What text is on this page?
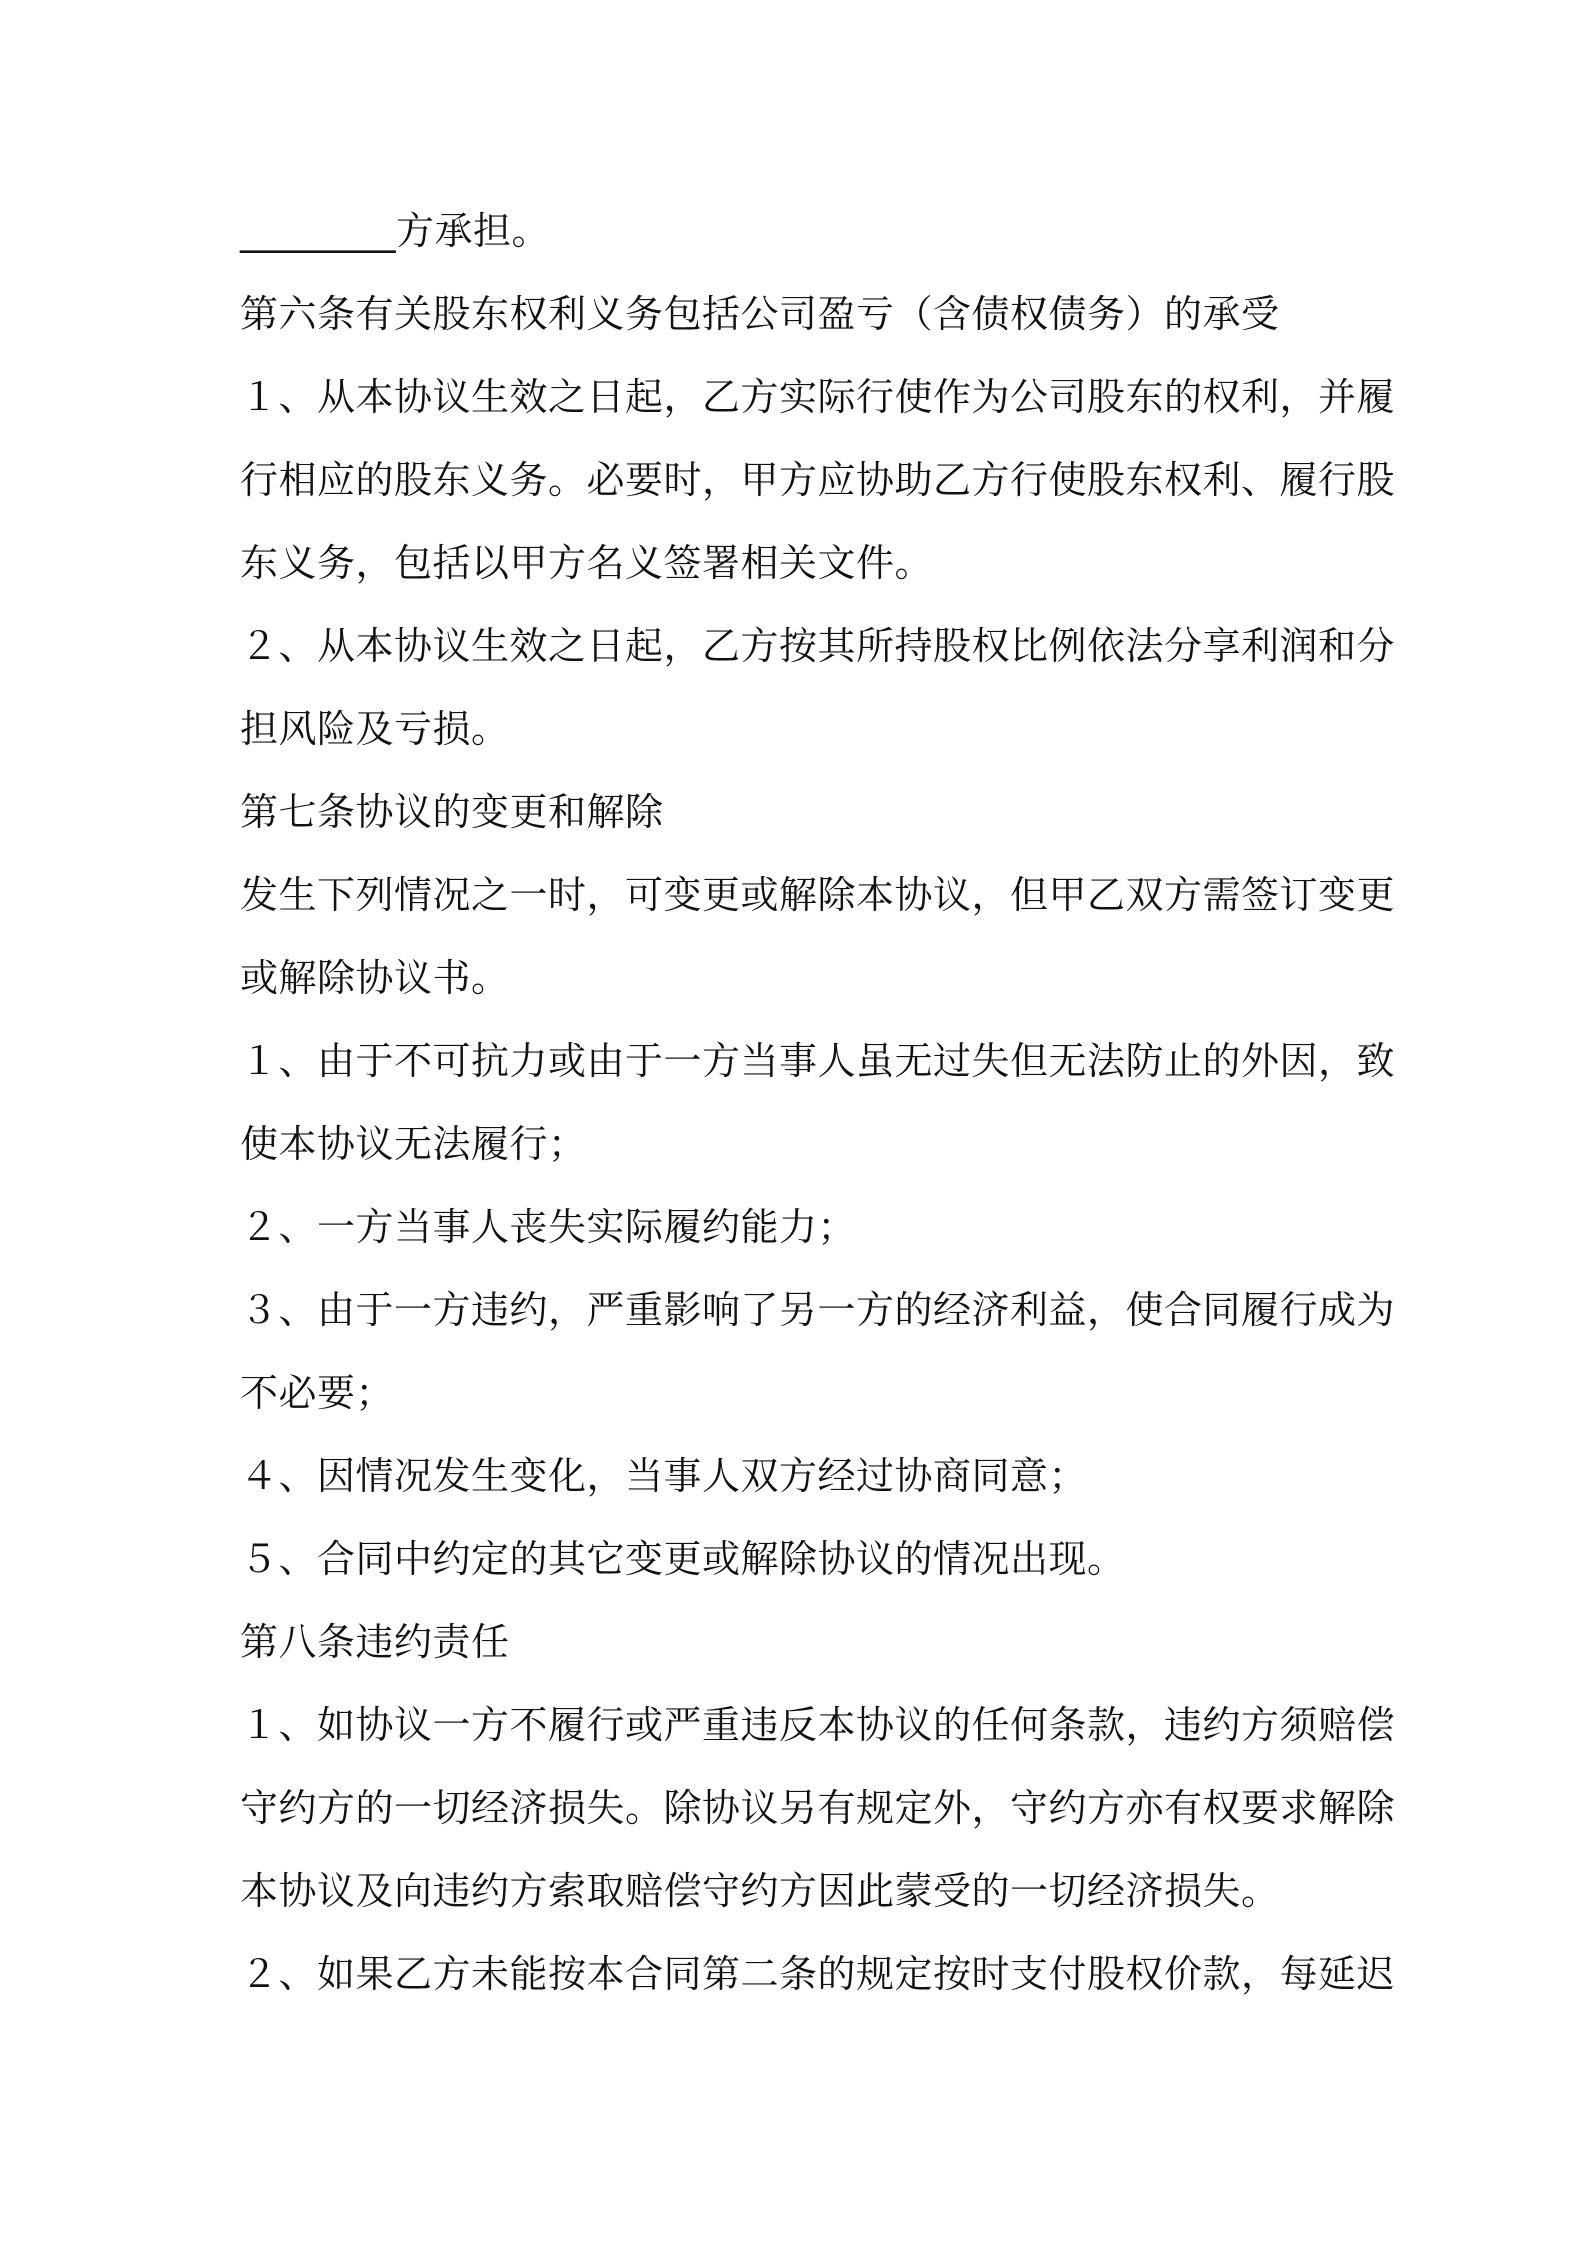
________方承担。

第六条有关股东权利义务包括公司盈亏（含债权债务）的承受

１、从本协议生效之日起，乙方实际行使作为公司股东的权利，并履

行相应的股东义务。必要时，甲方应协助乙方行使股东权利、履行股

东义务，包括以甲方名义签署相关文件。

２、从本协议生效之日起，乙方按其所持股权比例依法分享利润和分

担风险及亏损。

第七条协议的变更和解除

发生下列情况之一时，可变更或解除本协议，但甲乙双方需签订变更

或解除协议书。

１、由于不可抗力或由于一方当事人虽无过失但无法防止的外因，致

使本协议无法履行；

２、一方当事人丧失实际履约能力；

３、由于一方违约，严重影响了另一方的经济利益，使合同履行成为

不必要；

４、因情况发生变化，当事人双方经过协商同意；

５、合同中约定的其它变更或解除协议的情况出现。

第八条违约责任

１、如协议一方不履行或严重违反本协议的任何条款，违约方须赔偿

守约方的一切经济损失。除协议另有规定外，守约方亦有权要求解除

本协议及向违约方索取赔偿守约方因此蒙受的一切经济损失。

２、如果乙方未能按本合同第二条的规定按时支付股权价款，每延迟
